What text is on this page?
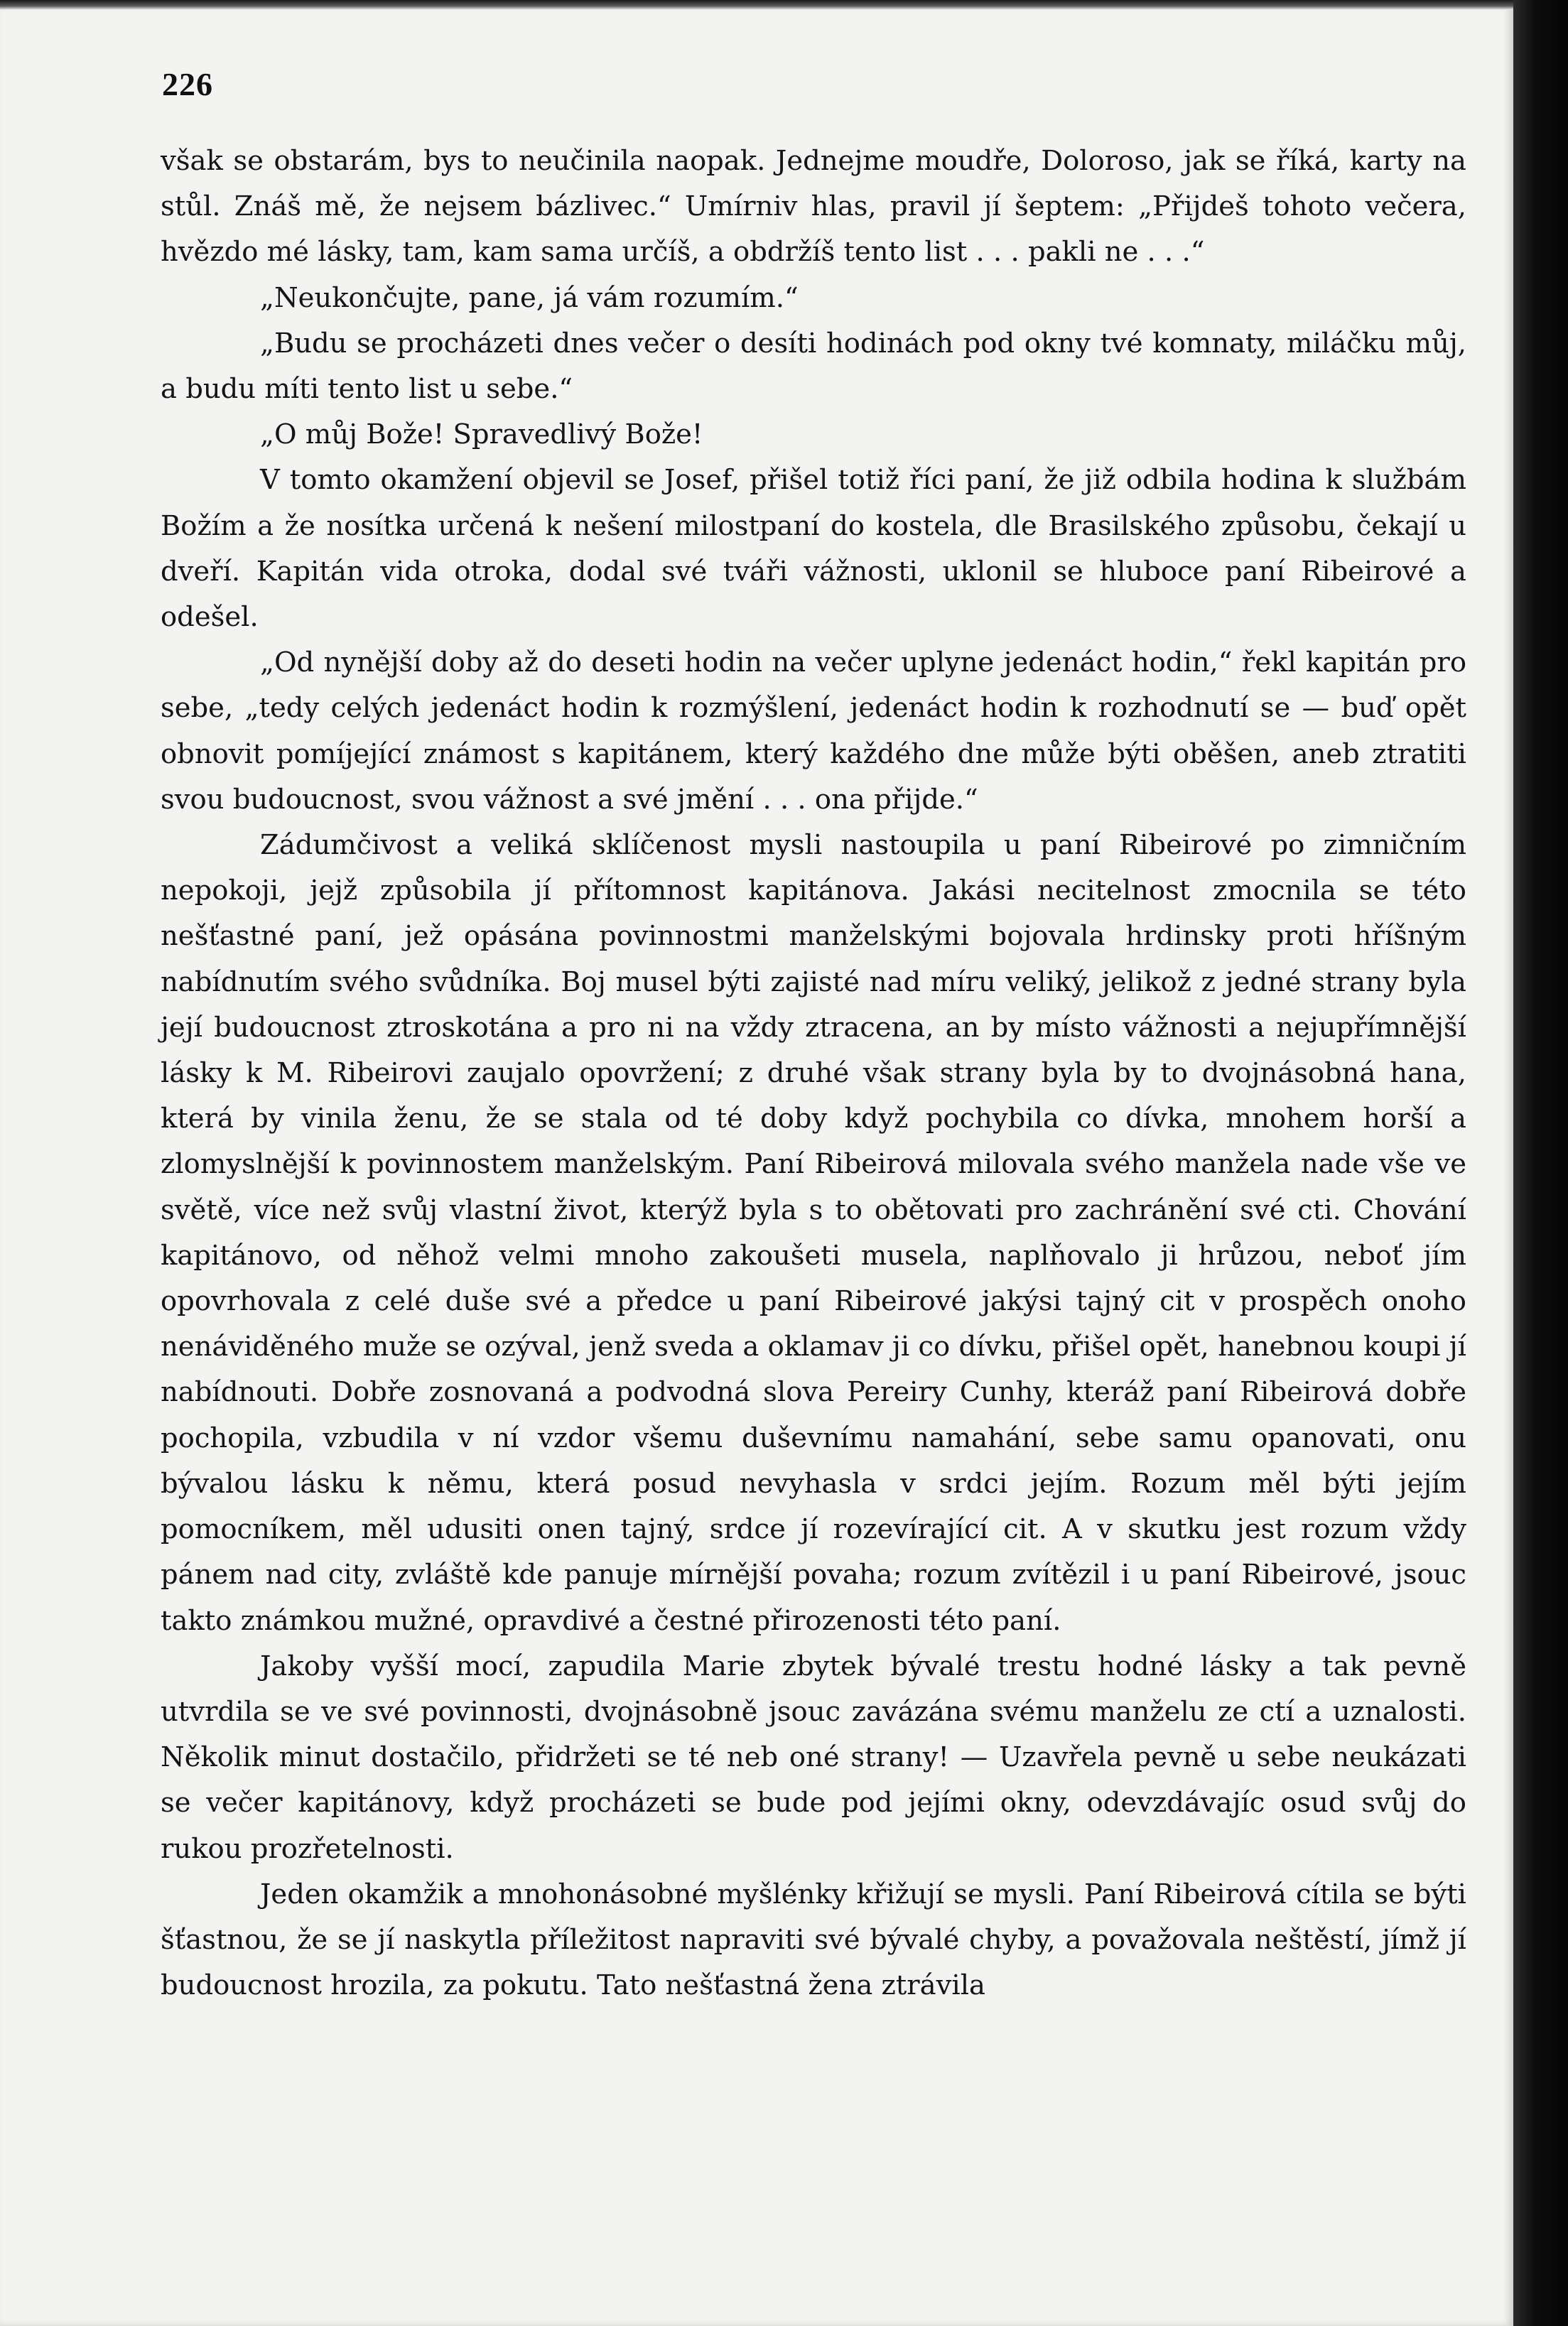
226

však se obstarám, bys to neučinila naopak. Jednejme moudře, Doloroso, jak se říká, karty na stůl. Znáš mě, že nejsem bázlivec.“ Umírniv hlas, pravil jí šeptem: „Přijdeš tohoto večera, hvězdo mé lásky, tam, kam sama určíš, a obdržíš tento list . . . pakli ne . . .“

„Neukončujte, pane, já vám rozumím.“

„Budu se procházeti dnes večer o desíti hodinách pod okny tvé komnaty, miláčku můj, a budu míti tento list u sebe.“

„O můj Bože! Spravedlivý Bože!

V tomto okamžení objevil se Josef, přišel totiž říci paní, že již odbila hodina k službám Božím a že nosítka určená k nešení milostpaní do kostela, dle Brasilského způsobu, čekají u dveří. Kapitán vida otroka, dodal své tváři vážnosti, uklonil se hluboce paní Ribeirové a odešel.

„Od nynější doby až do deseti hodin na večer uplyne jedenáct hodin,“ řekl kapitán pro sebe, „tedy celých jedenáct hodin k rozmýšlení, jedenáct hodin k rozhodnutí se — buď opět obnovit pomíjející známost s kapitánem, který každého dne může býti oběšen, aneb ztratiti svou budoucnost, svou vážnost a své jmění . . . ona přijde.“

Zádumčivost a veliká sklíčenost mysli nastoupila u paní Ribeirové po zimničním nepokoji, jejž způsobila jí přítomnost kapitánova. Jakási necitelnost zmocnila se této nešťastné paní, jež opásána povinnostmi manželskými bojovala hrdinsky proti hříšným nabídnutím svého svůdníka. Boj musel býti zajisté nad míru veliký, jelikož z jedné strany byla její budoucnost ztroskotána a pro ni na vždy ztracena, an by místo vážnosti a nejupřímnější lásky k M. Ribeirovi zaujalo opovržení; z druhé však strany byla by to dvojnásobná hana, která by vinila ženu, že se stala od té doby když pochybila co dívka, mnohem horší a zlomyslnější k povinnostem manželským. Paní Ribeirová milovala svého manžela nade vše ve světě, více než svůj vlastní život, kterýž byla s to obětovati pro zachránění své cti. Chování kapitánovo, od něhož velmi mnoho zakoušeti musela, naplňovalo ji hrůzou, neboť jím opovrhovala z celé duše své a předce u paní Ribeirové jakýsi tajný cit v prospěch onoho nenáviděného muže se ozýval, jenž sveda a oklamav ji co dívku, přišel opět, hanebnou koupi jí nabídnouti. Dobře zosnovaná a podvodná slova Pereiry Cunhy, kteráž paní Ribeirová dobře pochopila, vzbudila v ní vzdor všemu duševnímu namahání, sebe samu opanovati, onu bývalou lásku k němu, která posud nevyhasla v srdci jejím. Rozum měl býti jejím pomocníkem, měl udusiti onen tajný, srdce jí rozevírající cit. A v skutku jest rozum vždy pánem nad city, zvláště kde panuje mírnější povaha; rozum zvítězil i u paní Ribeirové, jsouc takto známkou mužné, opravdivé a čestné přirozenosti této paní.

Jakoby vyšší mocí, zapudila Marie zbytek bývalé trestu hodné lásky a tak pevně utvrdila se ve své povinnosti, dvojnásobně jsouc zavázána svému manželu ze ctí a uznalosti. Několik minut dostačilo, přidržeti se té neb oné strany! — Uzavřela pevně u sebe neukázati se večer kapitánovy, když procházeti se bude pod jejími okny, odevzdávajíc osud svůj do rukou prozřetelnosti.

Jeden okamžik a mnohonásobné myšlénky křižují se mysli. Paní Ribeirová cítila se býti šťastnou, že se jí naskytla příležitost napraviti své bývalé chyby, a považovala neštěstí, jímž jí budoucnost hrozila, za pokutu. Tato nešťastná žena ztrávila
